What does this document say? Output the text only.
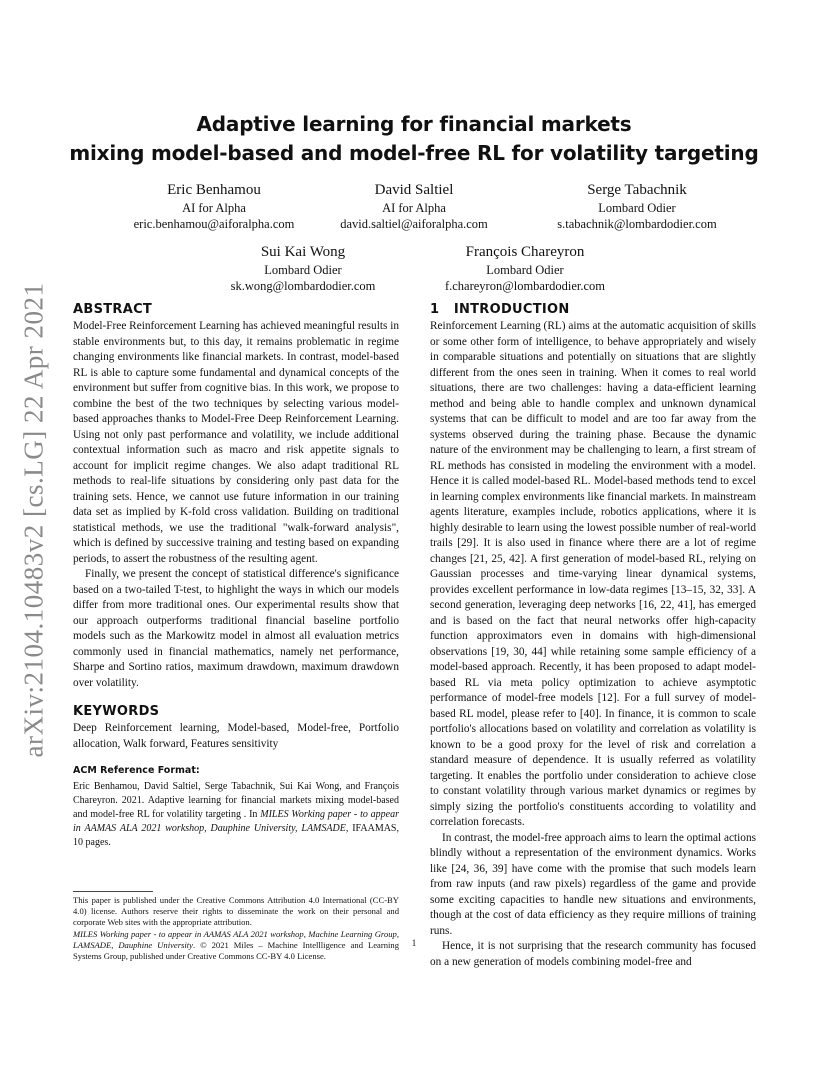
arXiv:2104.10483v2 [cs.LG] 22 Apr 2021
Adaptive learning for financial markets
mixing model-based and model-free RL for volatility targeting
Eric Benhamou
AI for Alpha
eric.benhamou@aiforalpha.com
David Saltiel
AI for Alpha
david.saltiel@aiforalpha.com
Serge Tabachnik
Lombard Odier
s.tabachnik@lombardodier.com
Sui Kai Wong
Lombard Odier
sk.wong@lombardodier.com
François Chareyron
Lombard Odier
f.chareyron@lombardodier.com
ABSTRACT

Model-Free Reinforcement Learning has achieved meaningful results in stable environments but, to this day, it remains problematic in regime changing environments like financial markets. In contrast, model-based RL is able to capture some fundamental and dynamical concepts of the environment but suffer from cognitive bias. In this work, we propose to combine the best of the two techniques by selecting various model-based approaches thanks to Model-Free Deep Reinforcement Learning. Using not only past performance and volatility, we include additional contextual information such as macro and risk appetite signals to account for implicit regime changes. We also adapt traditional RL methods to real-life situations by considering only past data for the training sets. Hence, we cannot use future information in our training data set as implied by K-fold cross validation. Building on traditional statistical methods, we use the traditional "walk-forward analysis", which is defined by successive training and testing based on expanding periods, to assert the robustness of the resulting agent.

Finally, we present the concept of statistical difference's significance based on a two-tailed T-test, to highlight the ways in which our models differ from more traditional ones. Our experimental results show that our approach outperforms traditional financial baseline portfolio models such as the Markowitz model in almost all evaluation metrics commonly used in financial mathematics, namely net performance, Sharpe and Sortino ratios, maximum drawdown, maximum drawdown over volatility.

KEYWORDS

Deep Reinforcement learning, Model-based, Model-free, Portfolio allocation, Walk forward, Features sensitivity

ACM Reference Format:

Eric Benhamou, David Saltiel, Serge Tabachnik, Sui Kai Wong, and François Chareyron. 2021. Adaptive learning for financial markets mixing model-based and model-free RL for volatility targeting . In MILES Working paper - to appear in AAMAS ALA 2021 workshop, Dauphine University, LAMSADE, IFAAMAS, 10 pages.

This paper is published under the Creative Commons Attribution 4.0 International (CC-BY 4.0) license. Authors reserve their rights to disseminate the work on their personal and corporate Web sites with the appropriate attribution.

MILES Working paper - to appear in AAMAS ALA 2021 workshop, Machine Learning Group, LAMSADE, Dauphine University. © 2021 Miles – Machine Intellligence and Learning Systems Group, published under Creative Commons CC-BY 4.0 License.

1   INTRODUCTION

Reinforcement Learning (RL) aims at the automatic acquisition of skills or some other form of intelligence, to behave appropriately and wisely in comparable situations and potentially on situations that are slightly different from the ones seen in training. When it comes to real world situations, there are two challenges: having a data-efficient learning method and being able to handle complex and unknown dynamical systems that can be difficult to model and are too far away from the systems observed during the training phase. Because the dynamic nature of the environment may be challenging to learn, a first stream of RL methods has consisted in modeling the environment with a model. Hence it is called model-based RL. Model-based methods tend to excel in learning complex environments like financial markets. In mainstream agents literature, examples include, robotics applications, where it is highly desirable to learn using the lowest possible number of real-world trails [29]. It is also used in finance where there are a lot of regime changes [21, 25, 42]. A first generation of model-based RL, relying on Gaussian processes and time-varying linear dynamical systems, provides excellent performance in low-data regimes [13–15, 32, 33]. A second generation, leveraging deep networks [16, 22, 41], has emerged and is based on the fact that neural networks offer high-capacity function approximators even in domains with high-dimensional observations [19, 30, 44] while retaining some sample efficiency of a model-based approach. Recently, it has been proposed to adapt model-based RL via meta policy optimization to achieve asymptotic performance of model-free models [12]. For a full survey of model-based RL model, please refer to [40]. In finance, it is common to scale portfolio's allocations based on volatility and correlation as volatility is known to be a good proxy for the level of risk and correlation a standard measure of dependence. It is usually referred as volatility targeting. It enables the portfolio under consideration to achieve close to constant volatility through various market dynamics or regimes by simply sizing the portfolio's constituents according to volatility and correlation forecasts.

In contrast, the model-free approach aims to learn the optimal actions blindly without a representation of the environment dynamics. Works like [24, 36, 39] have come with the promise that such models learn from raw inputs (and raw pixels) regardless of the game and provide some exciting capacities to handle new situations and environments, though at the cost of data efficiency as they require millions of training runs.

Hence, it is not surprising that the research community has focused on a new generation of models combining model-free and

1
